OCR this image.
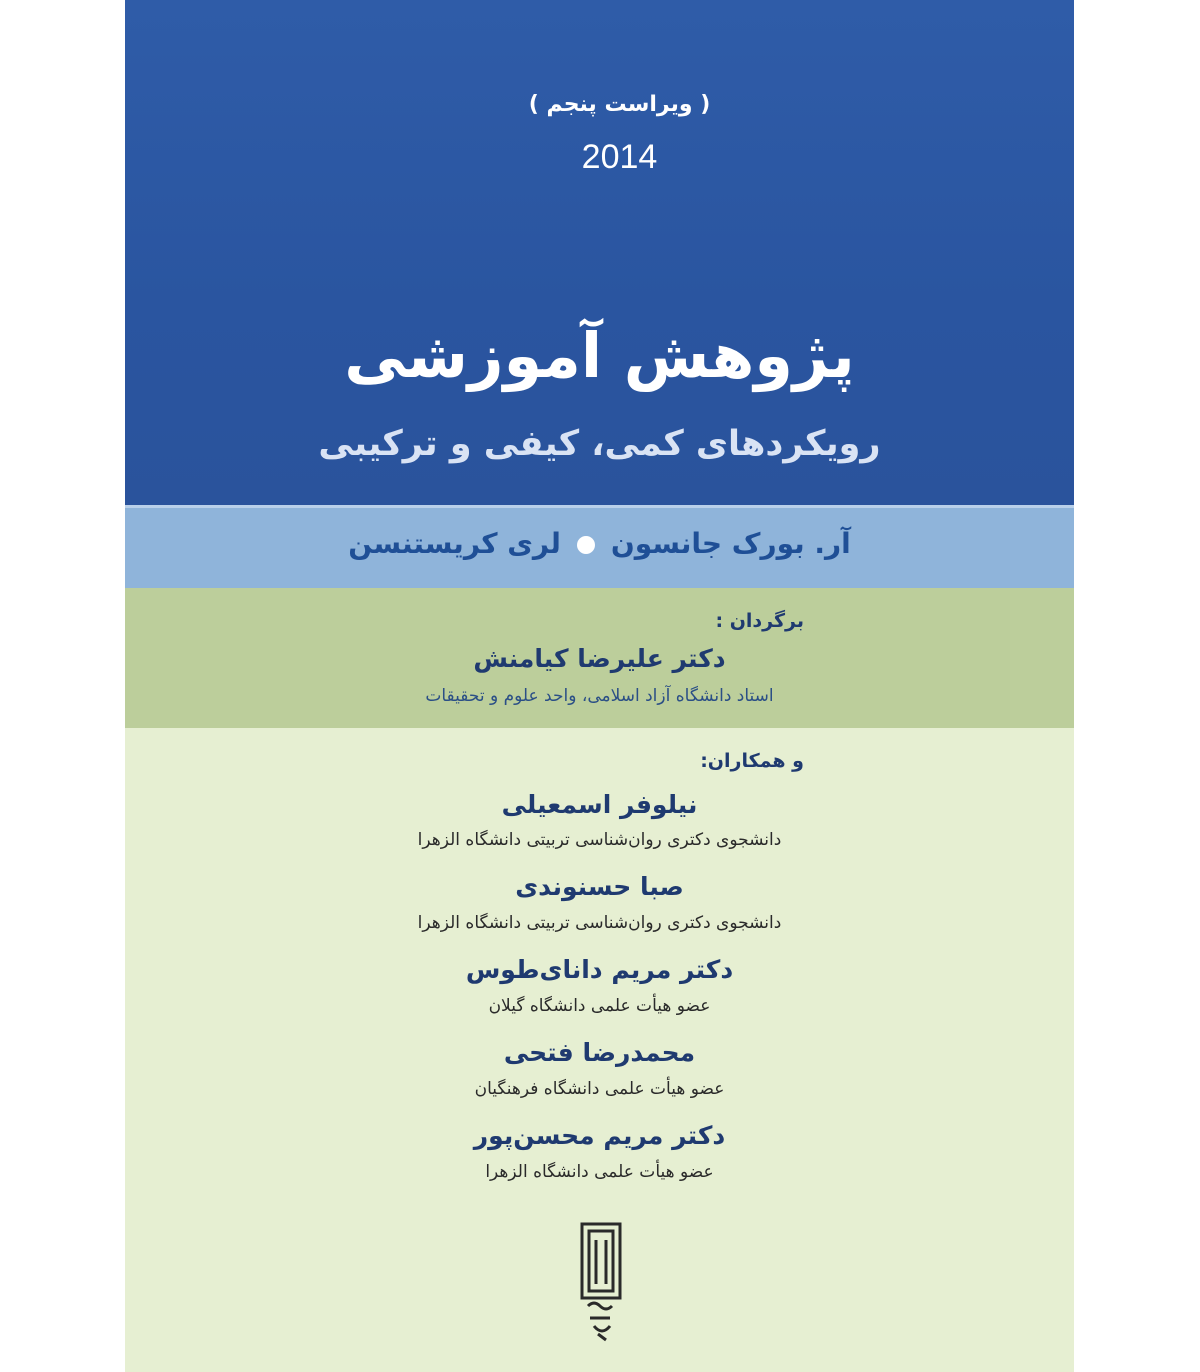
( ویراست پنجم )
2014
پژوهش آموزشی
رویکردهای کمی، کیفی و ترکیبی
آر. بورک جانسونلری کریستنسن
برگردان :
دکتر علیرضا کیامنش
استاد دانشگاه آزاد اسلامی، واحد علوم و تحقیقات
و همکاران:
نیلوفر اسمعیلی
دانشجوی دکتری روان‌شناسی تربیتی دانشگاه الزهرا
صبا حسنوندی
دانشجوی دکتری روان‌شناسی تربیتی دانشگاه الزهرا
دکتر مریم دانای‌طوس
عضو هیأت علمی دانشگاه گیلان
محمدرضا فتحی
عضو هیأت علمی دانشگاه فرهنگیان
دکتر مریم محسن‌پور
عضو هیأت علمی دانشگاه الزهرا
